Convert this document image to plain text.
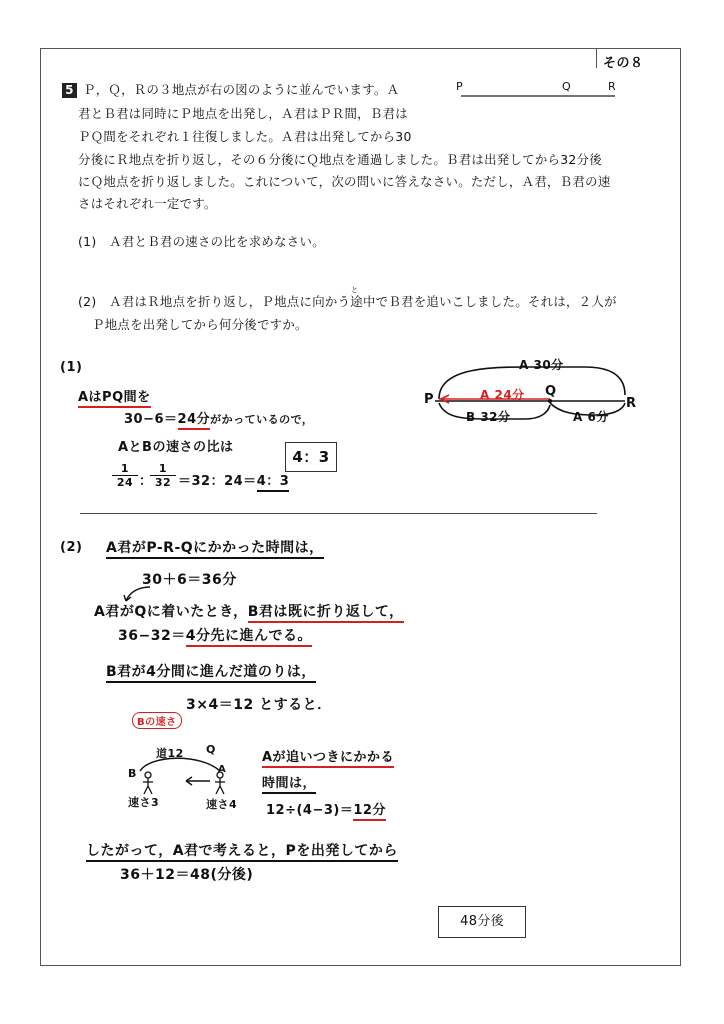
その８
5 Ｐ，Ｑ，Ｒの３地点が右の図のように並んでいます。Ａ
君とＢ君は同時にＰ地点を出発し，Ａ君はＰＲ間，Ｂ君は
ＰＱ間をそれぞれ１往復しました。Ａ君は出発してから30
分後にＲ地点を折り返し，その６分後にＱ地点を通過しました。Ｂ君は出発してから32分後
にＱ地点を折り返しました。これについて，次の問いに答えなさい。ただし，Ａ君，Ｂ君の速
さはそれぞれ一定です。
P	Q	R
(1)　Ａ君とＢ君の速さの比を求めなさい。
と
(2)　Ａ君はＲ地点を折り返し，Ｐ地点に向かう途中でＢ君を追いこしました。それは，２人が
Ｐ地点を出発してから何分後ですか。
(1)
AはPQ間を
30−6＝24分がかっているので，
AとBの速さの比は
1
24 ：
1
32 ＝32：24＝4：3
4：3
A 30分
A 24分
B 32分	A 6分
P
Q
R
(2) A君がP-R-Qにかかった時間は，
30＋6＝36分
A君がQに着いたとき，B君は既に折り返して，
36−32＝4分先に進んでる。
B君が4分間に進んだ道のりは，
3×4＝12 とすると．
Bの速さ
道12 Q
B	A
速さ3	速さ4
Aが追いつきにかかる
時間は，
12÷(4−3)＝12分
したがって，A君で考えると，Pを出発してから
36＋12＝48(分後)
48分後
